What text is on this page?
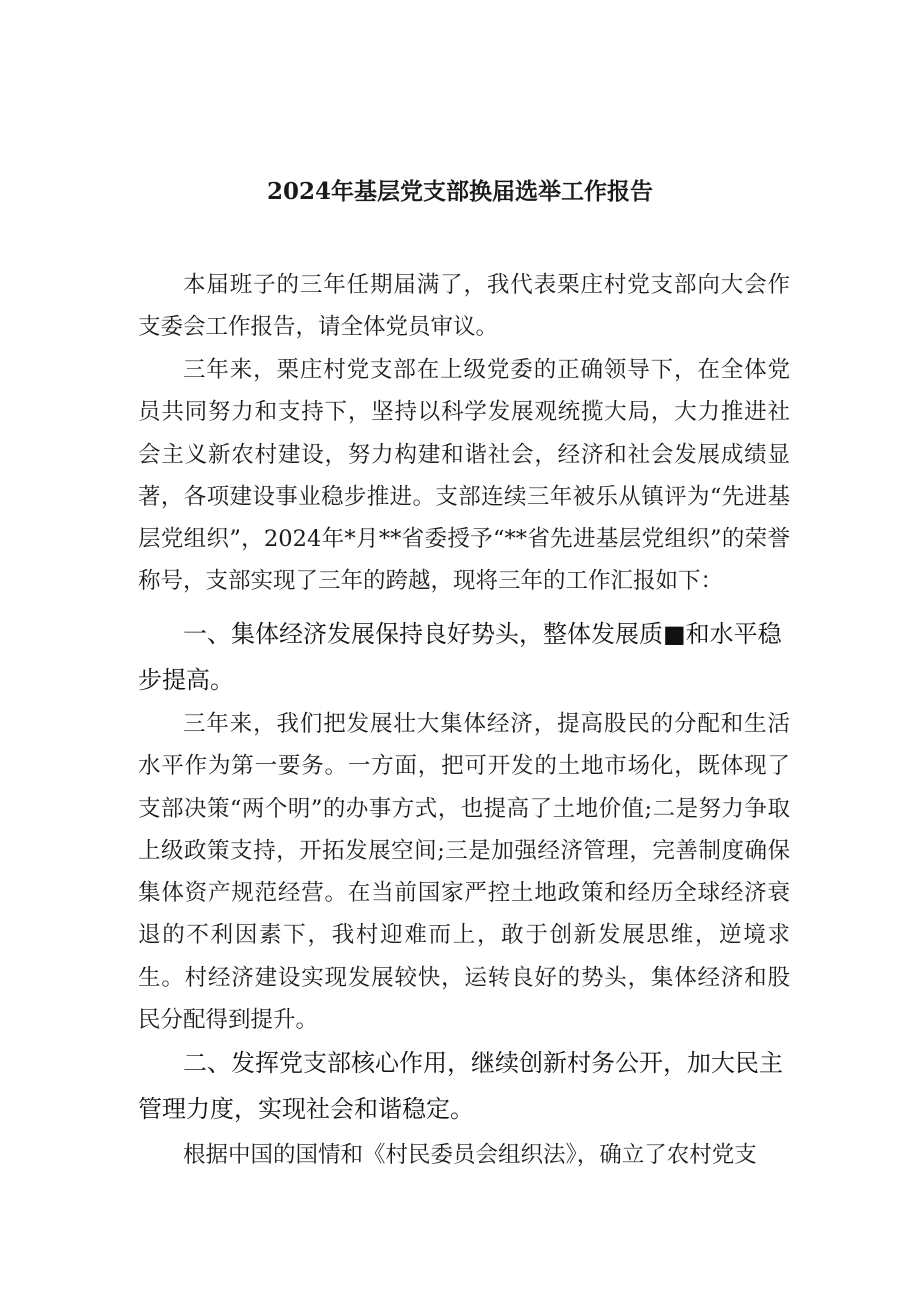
2024年基层党支部换届选举工作报告

本届班子的三年任期届满了，我代表栗庄村党支部向大会作支委会工作报告，请全体党员审议。

三年来，栗庄村党支部在上级党委的正确领导下，在全体党员共同努力和支持下，坚持以科学发展观统揽大局，大力推进社会主义新农村建设，努力构建和谐社会，经济和社会发展成绩显著，各项建设事业稳步推进。支部连续三年被乐从镇评为“先进基层党组织”，2024年*月**省委授予“**省先进基层党组织”的荣誉称号，支部实现了三年的跨越，现将三年的工作汇报如下：

一、集体经济发展保持良好势头，整体发展质■和水平稳步提高。

三年来，我们把发展壮大集体经济，提高股民的分配和生活水平作为第一要务。一方面，把可开发的土地市场化，既体现了支部决策“两个明”的办事方式，也提高了土地价值;二是努力争取上级政策支持，开拓发展空间;三是加强经济管理，完善制度确保集体资产规范经营。在当前国家严控土地政策和经历全球经济衰退的不利因素下，我村迎难而上，敢于创新发展思维，逆境求生。村经济建设实现发展较快，运转良好的势头，集体经济和股民分配得到提升。

二、发挥党支部核心作用，继续创新村务公开，加大民主管理力度，实现社会和谐稳定。

根据中国的国情和《村民委员会组织法》，确立了农村党支
